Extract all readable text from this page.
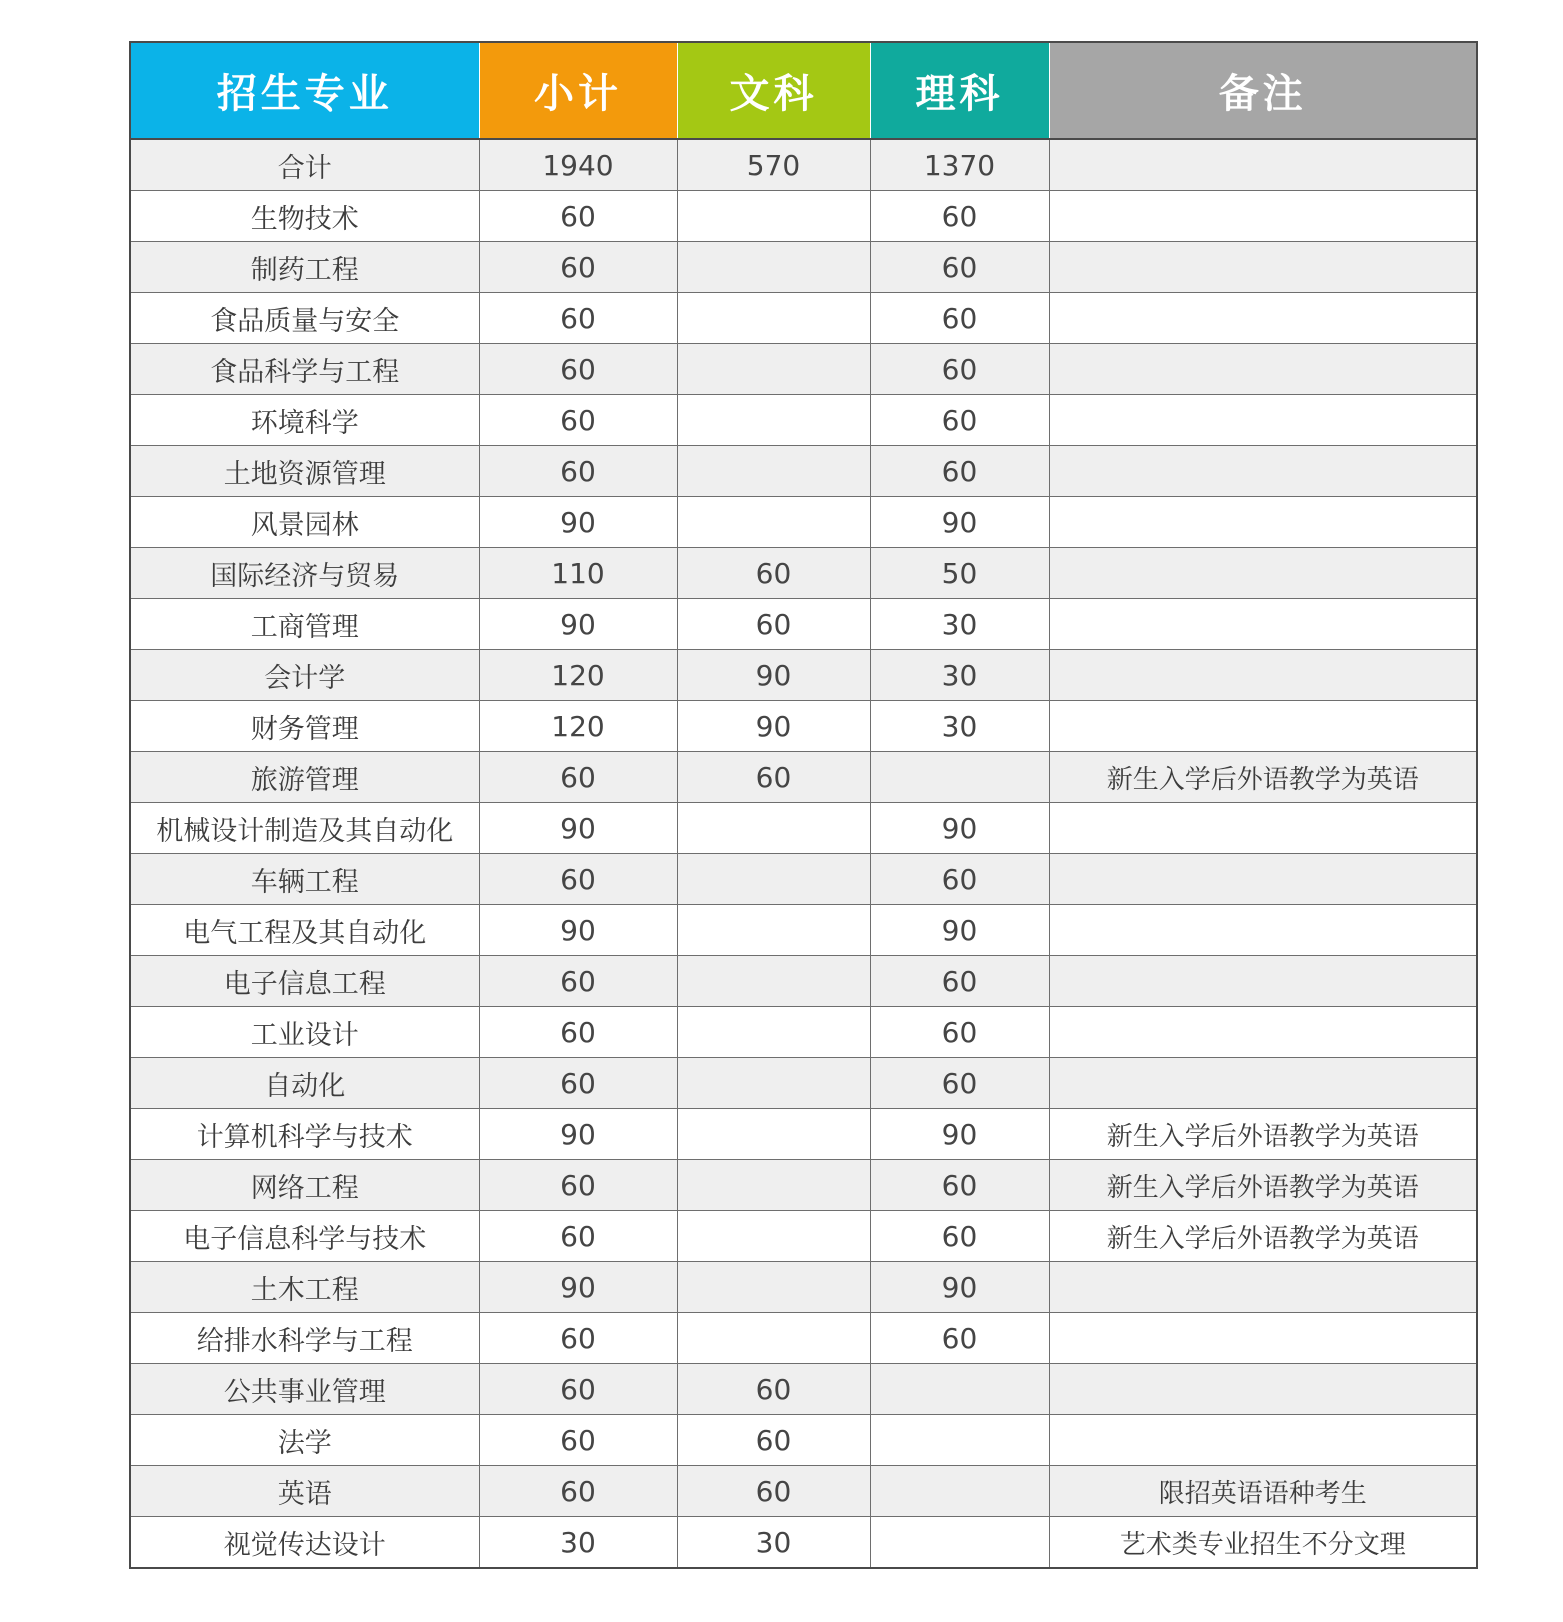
招生专业	小计	文科	理科	备注
合计	1940	570	1370	
生物技术	60		60	
制药工程	60		60	
食品质量与安全	60		60	
食品科学与工程	60		60	
环境科学	60		60	
土地资源管理	60		60	
风景园林	90		90	
国际经济与贸易	110	60	50	
工商管理	90	60	30	
会计学	120	90	30	
财务管理	120	90	30	
旅游管理	60	60		新生入学后外语教学为英语
机械设计制造及其自动化	90		90	
车辆工程	60		60	
电气工程及其自动化	90		90	
电子信息工程	60		60	
工业设计	60		60	
自动化	60		60	
计算机科学与技术	90		90	新生入学后外语教学为英语
网络工程	60		60	新生入学后外语教学为英语
电子信息科学与技术	60		60	新生入学后外语教学为英语
土木工程	90		90	
给排水科学与工程	60		60	
公共事业管理	60	60		
法学	60	60		
英语	60	60		限招英语语种考生
视觉传达设计	30	30		艺术类专业招生不分文理
